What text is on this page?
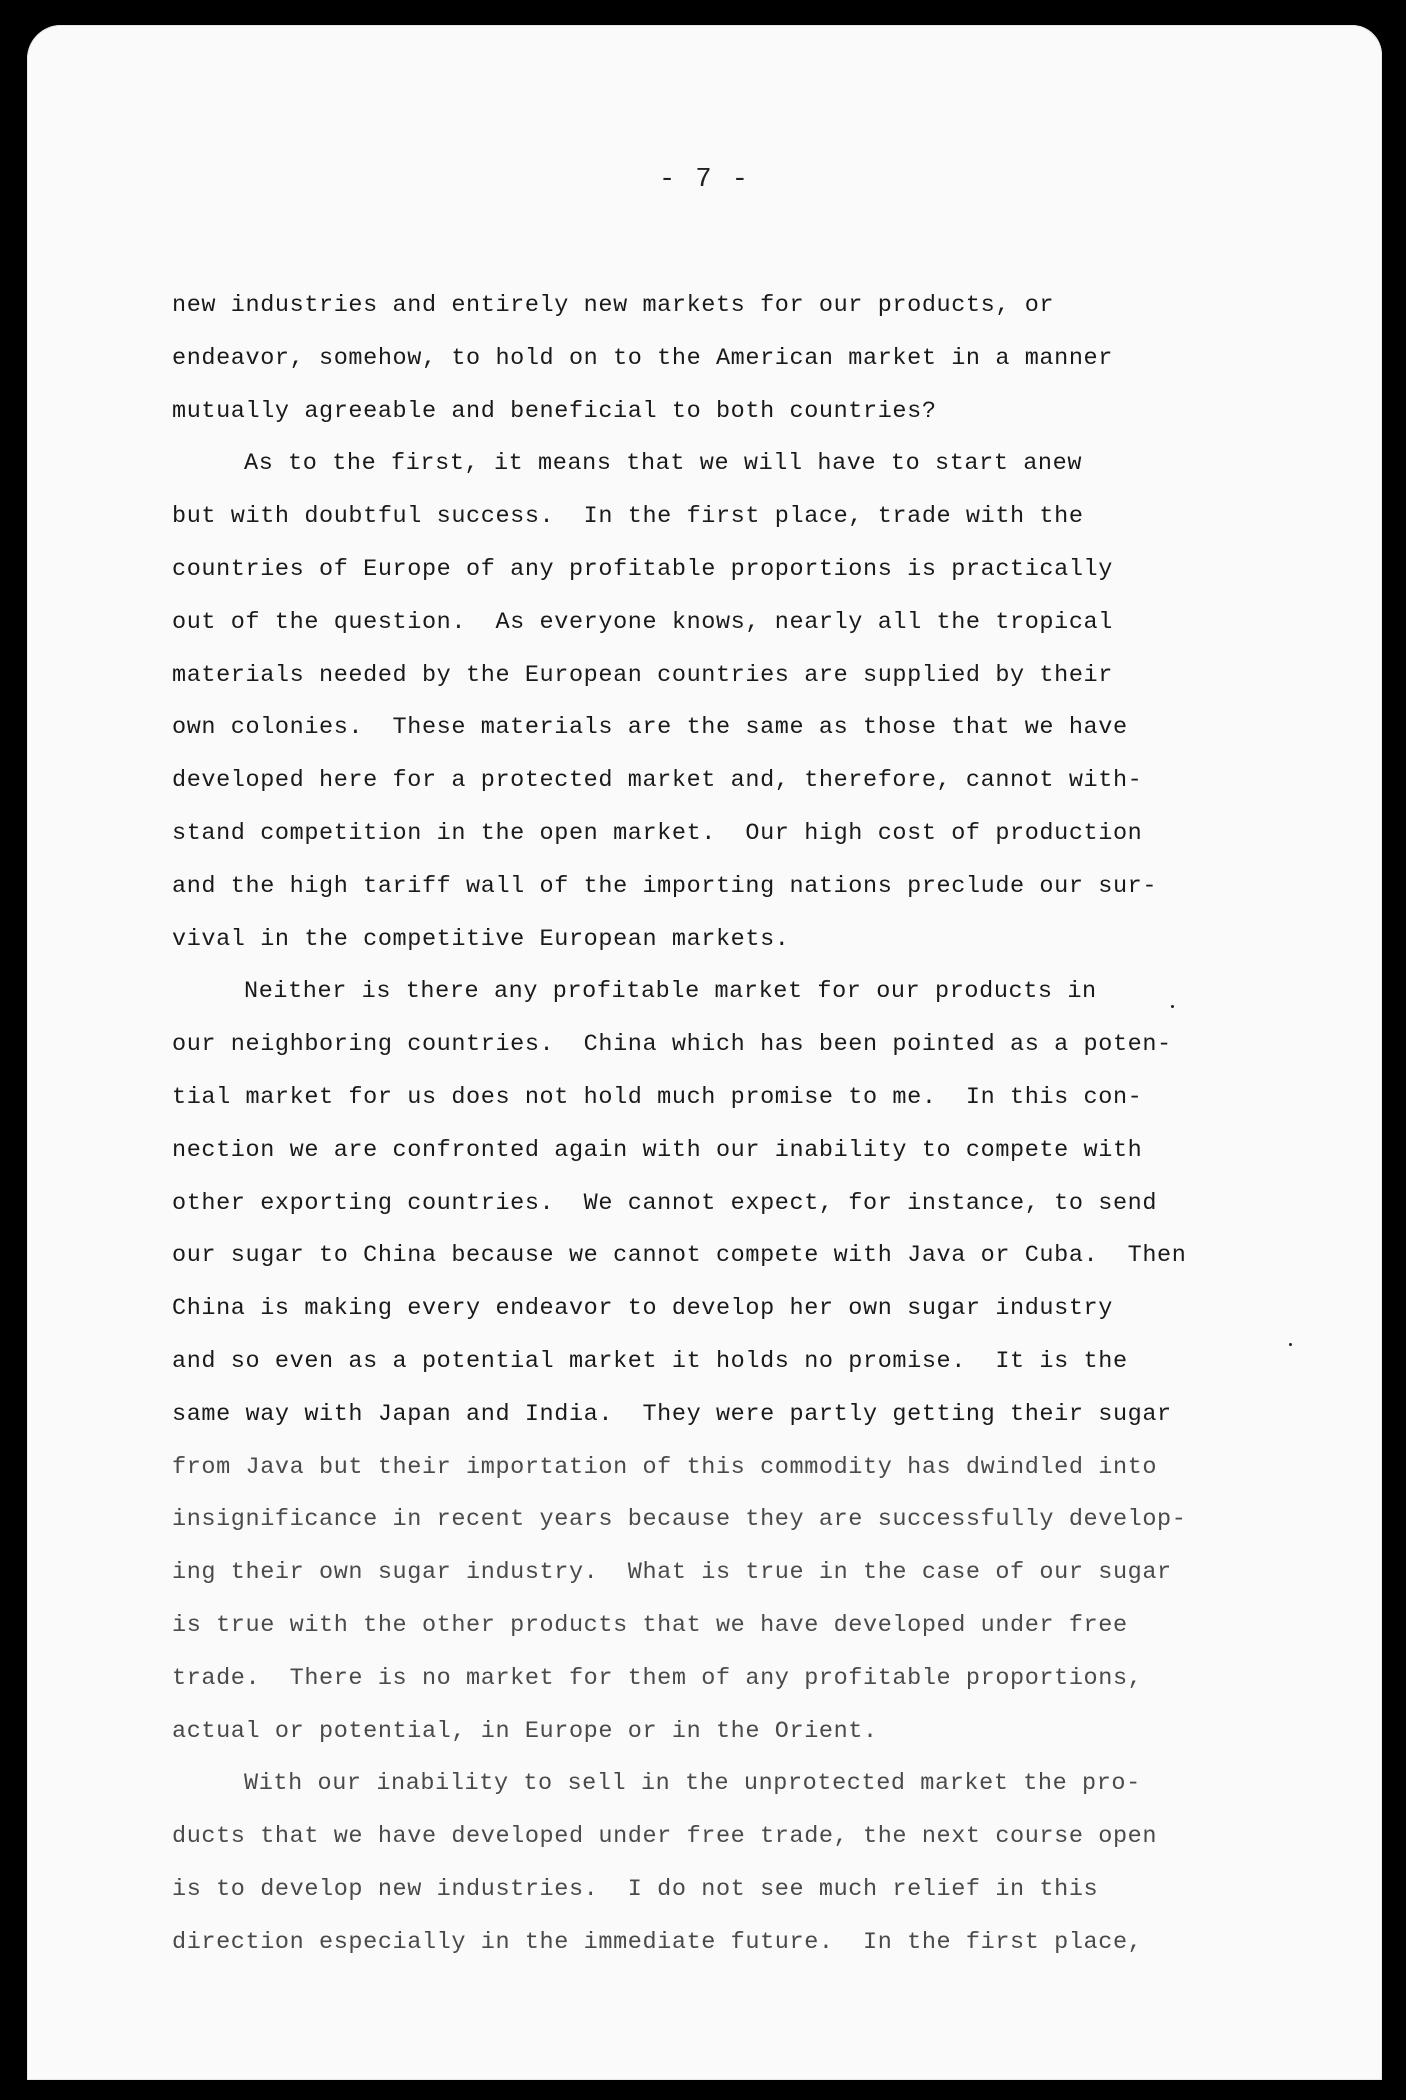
- 7 -
new industries and entirely new markets for our products, or
endeavor, somehow, to hold on to the American market in a manner
mutually agreeable and beneficial to both countries?
As to the first, it means that we will have to start anew
but with doubtful success.  In the first place, trade with the
countries of Europe of any profitable proportions is practically
out of the question.  As everyone knows, nearly all the tropical
materials needed by the European countries are supplied by their
own colonies.  These materials are the same as those that we have
developed here for a protected market and, therefore, cannot with-
stand competition in the open market.  Our high cost of production
and the high tariff wall of the importing nations preclude our sur-
vival in the competitive European markets.
Neither is there any profitable market for our products in
our neighboring countries.  China which has been pointed as a poten-
tial market for us does not hold much promise to me.  In this con-
nection we are confronted again with our inability to compete with
other exporting countries.  We cannot expect, for instance, to send
our sugar to China because we cannot compete with Java or Cuba.  Then
China is making every endeavor to develop her own sugar industry
and so even as a potential market it holds no promise.  It is the
same way with Japan and India.  They were partly getting their sugar
from Java but their importation of this commodity has dwindled into
insignificance in recent years because they are successfully develop-
ing their own sugar industry.  What is true in the case of our sugar
is true with the other products that we have developed under free
trade.  There is no market for them of any profitable proportions,
actual or potential, in Europe or in the Orient.
With our inability to sell in the unprotected market the pro-
ducts that we have developed under free trade, the next course open
is to develop new industries.  I do not see much relief in this
direction especially in the immediate future.  In the first place,
